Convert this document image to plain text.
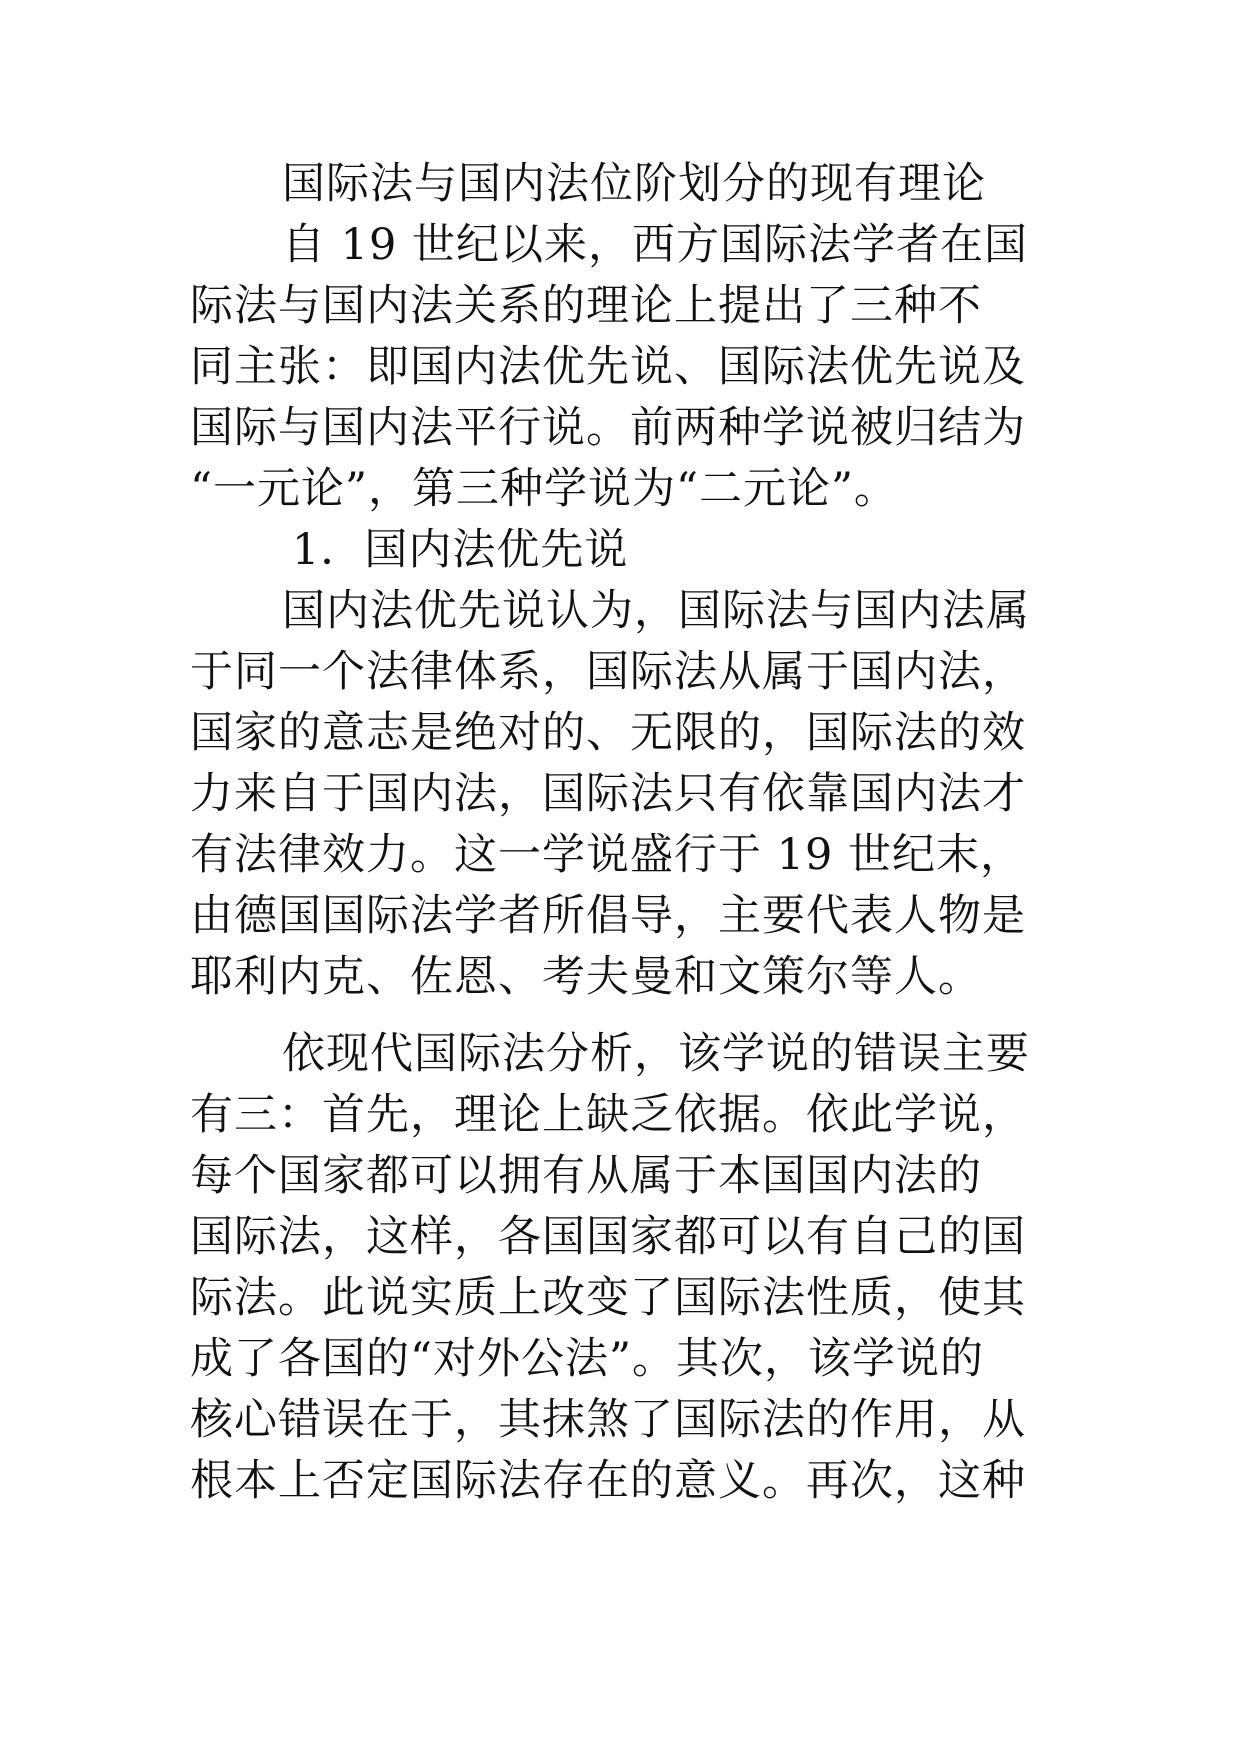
国际法与国内法位阶划分的现有理论
自 19 世纪以来，西方国际法学者在国
际法与国内法关系的理论上提出了三种不
同主张：即国内法优先说、国际法优先说及
国际与国内法平行说。前两种学说被归结为
“一元论”，第三种学说为“二元论”。
1．国内法优先说
国内法优先说认为，国际法与国内法属
于同一个法律体系，国际法从属于国内法，
国家的意志是绝对的、无限的，国际法的效
力来自于国内法，国际法只有依靠国内法才
有法律效力。这一学说盛行于 19 世纪末，
由德国国际法学者所倡导，主要代表人物是
耶利内克、佐恩、考夫曼和文策尔等人。
依现代国际法分析，该学说的错误主要
有三：首先，理论上缺乏依据。依此学说，
每个国家都可以拥有从属于本国国内法的
国际法，这样，各国国家都可以有自己的国
际法。此说实质上改变了国际法性质，使其
成了各国的“对外公法”。其次，该学说的
核心错误在于，其抹煞了国际法的作用，从
根本上否定国际法存在的意义。再次，这种
